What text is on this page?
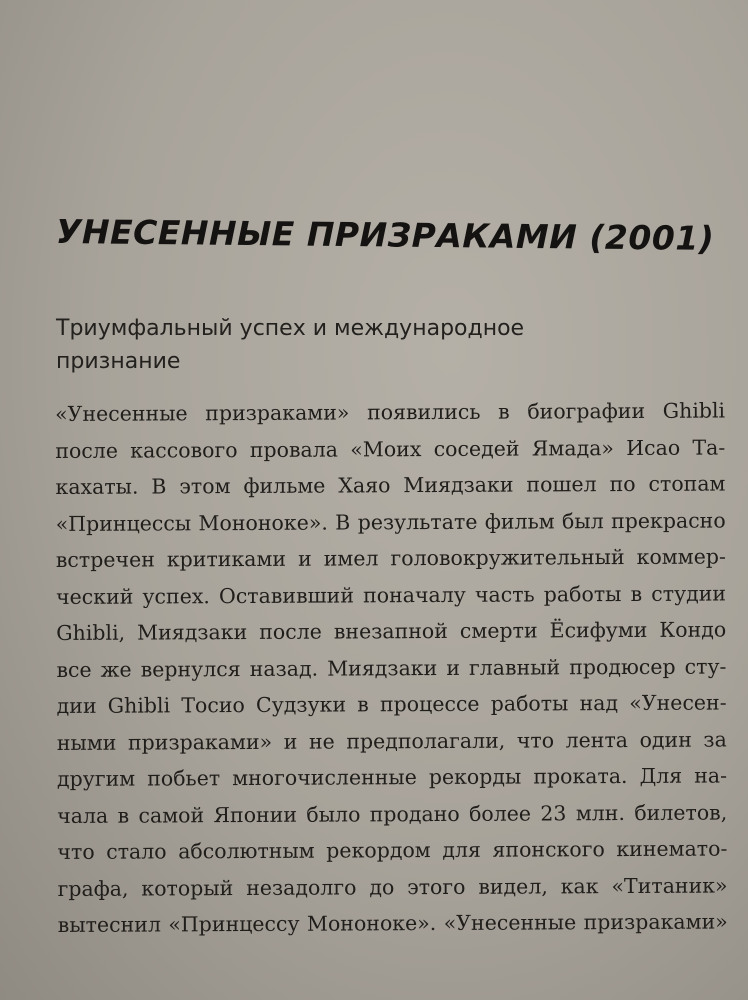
УНЕСЕННЫЕ ПРИЗРАКАМИ (2001)
Триумфальный успех и международное
признание
«Унесенные призраками» появились в биографии Ghibli
после кассового провала «Моих соседей Ямада» Исао Та-
кахаты. В этом фильме Хаяо Миядзаки пошел по стопам
«Принцессы Мононоке». В результате фильм был прекрасно
встречен критиками и имел головокружительный коммер-
ческий успех. Оставивший поначалу часть работы в студии
Ghibli, Миядзаки после внезапной смерти Ёсифуми Кондо
все же вернулся назад. Миядзаки и главный продюсер сту-
дии Ghibli Тосио Судзуки в процессе работы над «Унесен-
ными призраками» и не предполагали, что лента один за
другим побьет многочисленные рекорды проката. Для на-
чала в самой Японии было продано более 23 млн. билетов,
что стало абсолютным рекордом для японского кинемато-
графа, который незадолго до этого видел, как «Титаник»
вытеснил «Принцессу Мононоке». «Унесенные призраками»
